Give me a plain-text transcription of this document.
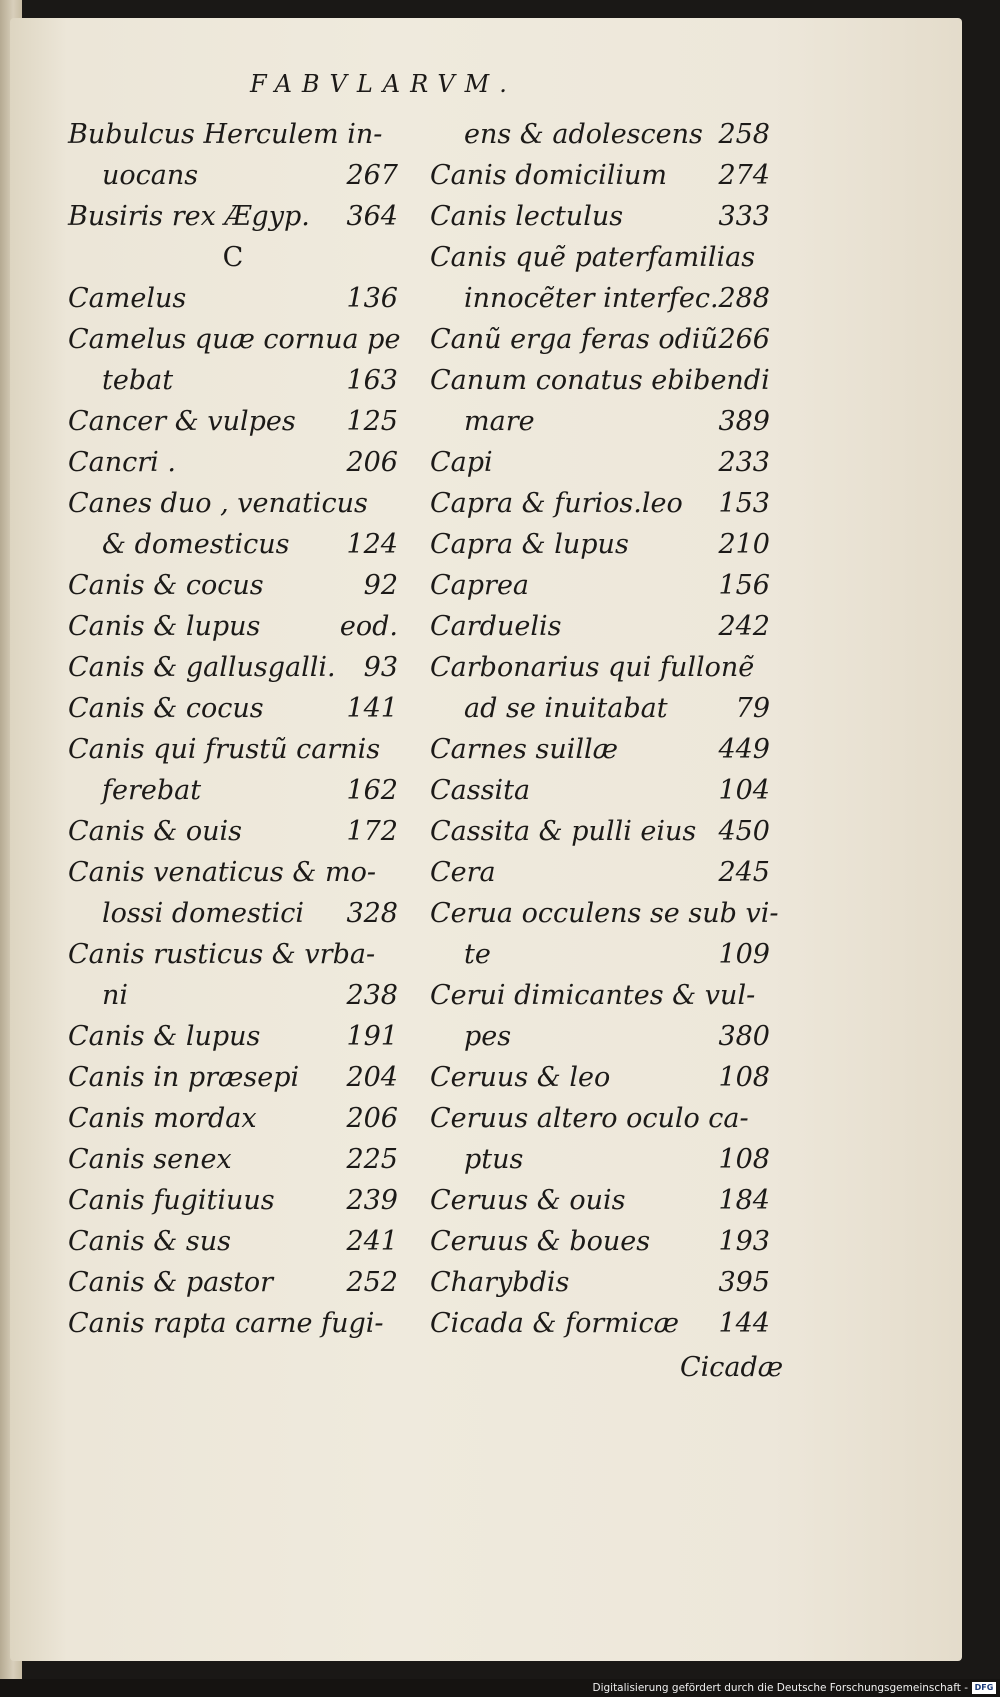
FABVLARVM.
Bubulcus Herculem in-
uocans	267
Busiris rex Ægyp. 364
C
Camelus	136
Camelus quæ cornua pe
tebat	163
Cancer & vulpes 125
Cancri .	206
Canes duo , venaticus
& domesticus 124
Canis & cocus	92
Canis & lupus	eod.
Canis & gallusgalli. 93
Canis & cocus	141
Canis qui frustũ carnis
ferebat	162
Canis & ouis	172
Canis venaticus & mo-
lossi domestici 328
Canis rusticus & vrba-
ni	238
Canis & lupus	191
Canis in præsepi 204
Canis mordax	206
Canis senex	225
Canis fugitiuus	239
Canis & sus	241
Canis & pastor	252
Canis rapta carne fugi-
ens & adolescens 258
Canis domicilium 274
Canis lectulus	333
Canis quẽ paterfamilias
innocẽter interfec. 288
Canũ erga feras odiũ 266
Canum conatus ebibendi
mare	389
Capi	233
Capra & furios.leo 153
Capra & lupus	210
Caprea	156
Carduelis	242
Carbonarius qui fullonẽ
ad se inuitabat	79
Carnes suillæ	449
Cassita	104
Cassita & pulli eius 450
Cera	245
Cerua occulens se sub vi-
te	109
Cerui dimicantes & vul-
pes	380
Ceruus & leo	108
Ceruus altero oculo ca-
ptus	108
Ceruus & ouis	184
Ceruus & boues	193
Charybdis	395
Cicada & formicæ 144
Cicadæ
Digitalisierung gefördert durch die Deutsche Forschungsgemeinschaft - DFG
